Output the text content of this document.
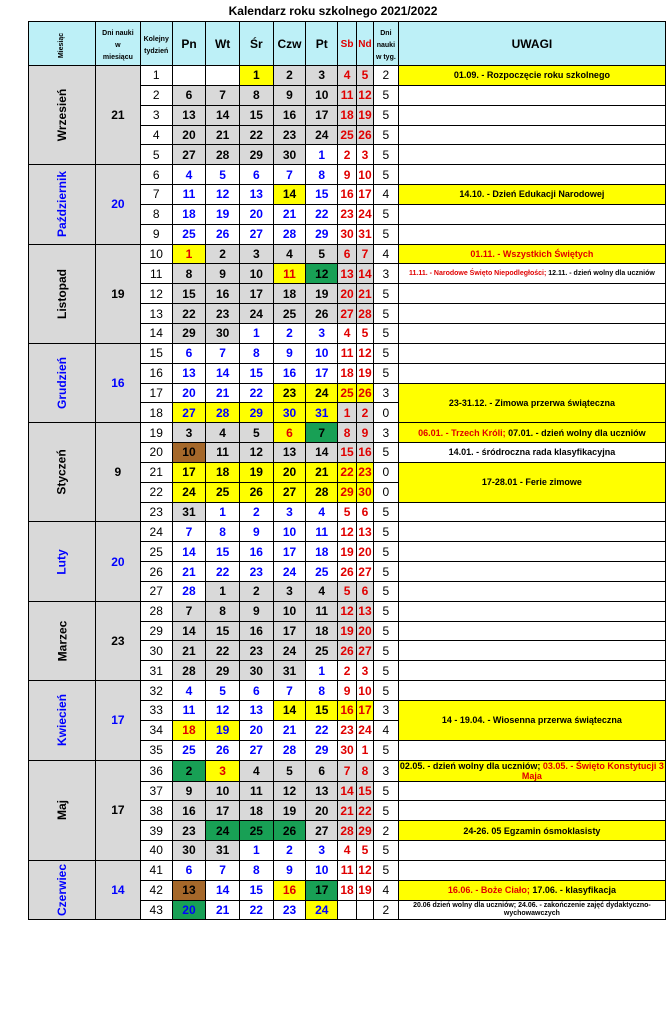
Kalendarz roku szkolnego 2021/2022
Miesiąc	Dni nauki
w
miesiącu	Kolejny
tydzień	Pn	Wt	Śr	Czw	Pt	Sb	Nd	Dni
nauki
w tyg.	UWAGI
Wrzesień	21	1			1	2	3	4	5	2	01.09. - Rozpoczęcie roku szkolnego
		2	6	7	8	9	10	11	12	5	
		3	13	14	15	16	17	18	19	5	
		4	20	21	22	23	24	25	26	5	
		5	27	28	29	30	1	2	3	5	
Październik	20	6	4	5	6	7	8	9	10	5	
		7	11	12	13	14	15	16	17	4	14.10. - Dzień Edukacji Narodowej
		8	18	19	20	21	22	23	24	5	
		9	25	26	27	28	29	30	31	5	
Listopad	19	10	1	2	3	4	5	6	7	4	01.11. - Wszystkich Świętych
		11	8	9	10	11	12	13	14	3	11.11. - Narodowe Święto Niepodległości; 12.11. - dzień wolny dla uczniów
		12	15	16	17	18	19	20	21	5	
		13	22	23	24	25	26	27	28	5	
		14	29	30	1	2	3	4	5	5	
Grudzień	16	15	6	7	8	9	10	11	12	5	
		16	13	14	15	16	17	18	19	5	
		17	20	21	22	23	24	25	26	3	23-31.12. - Zimowa przerwa świąteczna
		18	27	28	29	30	31	1	2	0	
Styczeń	9	19	3	4	5	6	7	8	9	3	06.01. - Trzech Króli; 07.01. - dzień wolny dla uczniów
		20	10	11	12	13	14	15	16	5	14.01. - śródroczna rada klasyfikacyjna
		21	17	18	19	20	21	22	23	0	17-28.01 - Ferie zimowe
		22	24	25	26	27	28	29	30	0	
		23	31	1	2	3	4	5	6	5	
Luty	20	24	7	8	9	10	11	12	13	5	
		25	14	15	16	17	18	19	20	5	
		26	21	22	23	24	25	26	27	5	
		27	28	1	2	3	4	5	6	5	
Marzec	23	28	7	8	9	10	11	12	13	5	
		29	14	15	16	17	18	19	20	5	
		30	21	22	23	24	25	26	27	5	
		31	28	29	30	31	1	2	3	5	
Kwiecień	17	32	4	5	6	7	8	9	10	5	
		33	11	12	13	14	15	16	17	3	14 - 19.04. - Wiosenna przerwa świąteczna
		34	18	19	20	21	22	23	24	4	
		35	25	26	27	28	29	30	1	5	
Maj	17	36	2	3	4	5	6	7	8	3	02.05. - dzień wolny dla uczniów; 03.05. - Święto Konstytucji 3 Maja
		37	9	10	11	12	13	14	15	5	
		38	16	17	18	19	20	21	22	5	
		39	23	24	25	26	27	28	29	2	24-26. 05 Egzamin ósmoklasisty
		40	30	31	1	2	3	4	5	5	
Czerwiec	14	41	6	7	8	9	10	11	12	5	
		42	13	14	15	16	17	18	19	4	16.06. - Boże Ciało; 17.06. - klasyfikacja
		43	20	21	22	23	24			2	20.06 dzień wolny dla uczniów; 24.06. - zakończenie zajęć dydaktyczno-wychowawczych
